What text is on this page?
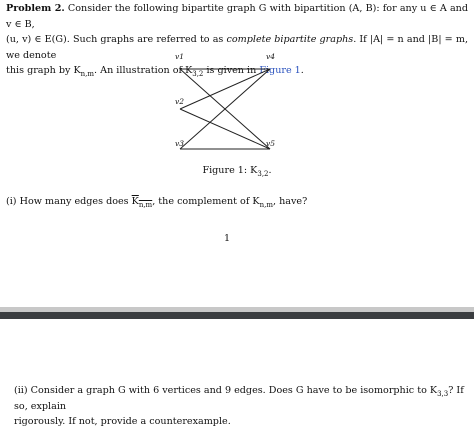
Problem 2. Consider the following bipartite graph G with bipartition (A, B): for any u ∈ A and v ∈ B,
(u, v) ∈ E(G). Such graphs are referred to as complete bipartite graphs. If |A| = n and |B| = m, we denote
this graph by $K_{n,m}$. An illustration of $K_{3,2}$ is given in Figure 1.
v1
v2
v3
v4
v5
Figure 1: $K_{3,2}$.
(i) How many edges does $K_{n,m}$, the complement of $K_{n,m}$, have?
1
(ii) Consider a graph G with 6 vertices and 9 edges. Does G have to be isomorphic to $K_{3,3}$? If so, explain
rigorously. If not, provide a counterexample.
